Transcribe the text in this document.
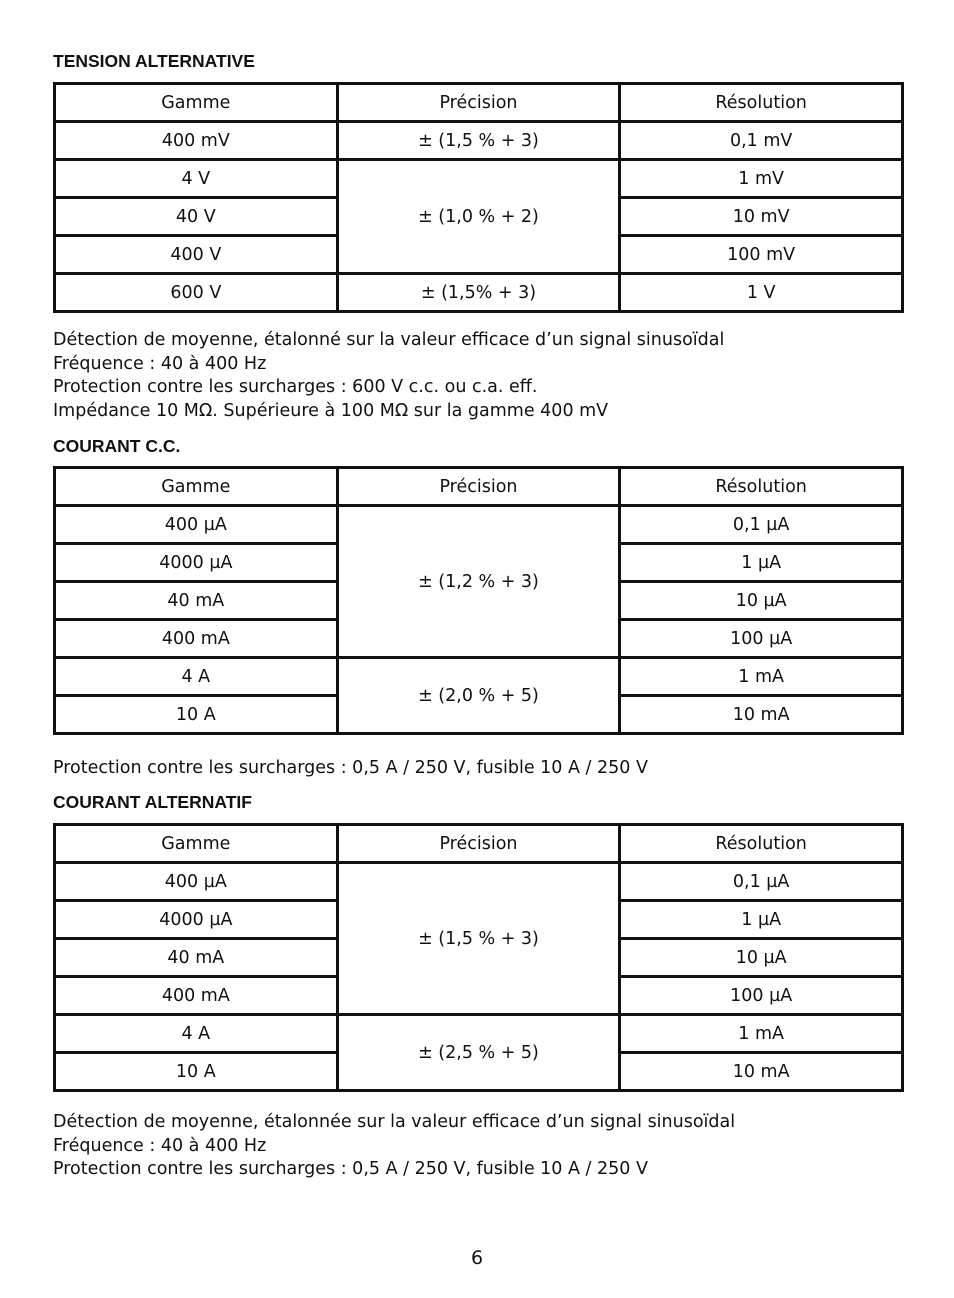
TENSION ALTERNATIVE
Gamme	Précision	Résolution
400 mV	± (1,5 % + 3)	0,1 mV
4 V	± (1,0 % + 2)	1 mV
40 V		10 mV
400 V		100 mV
600 V	± (1,5% + 3)	1 V
Détection de moyenne, étalonné sur la valeur efficace d’un signal sinusoïdal
Fréquence : 40 à 400 Hz
Protection contre les surcharges : 600 V c.c. ou c.a. eff.
Impédance 10 MΩ. Supérieure à 100 MΩ sur la gamme 400 mV
COURANT C.C.
Gamme	Précision	Résolution
400 µA	± (1,2 % + 3)	0,1 µA
4000 µA		1 µA
40 mA		10 µA
400 mA		100 µA
4 A	± (2,0 % + 5)	1 mA
10 A		10 mA
Protection contre les surcharges : 0,5 A / 250 V, fusible 10 A / 250 V
COURANT ALTERNATIF
Gamme	Précision	Résolution
400 µA	± (1,5 % + 3)	0,1 µA
4000 µA		1 µA
40 mA		10 µA
400 mA		100 µA
4 A	± (2,5 % + 5)	1 mA
10 A		10 mA
Détection de moyenne, étalonnée sur la valeur efficace d’un signal sinusoïdal
Fréquence : 40 à 400 Hz
Protection contre les surcharges : 0,5 A / 250 V, fusible 10 A / 250 V
6
